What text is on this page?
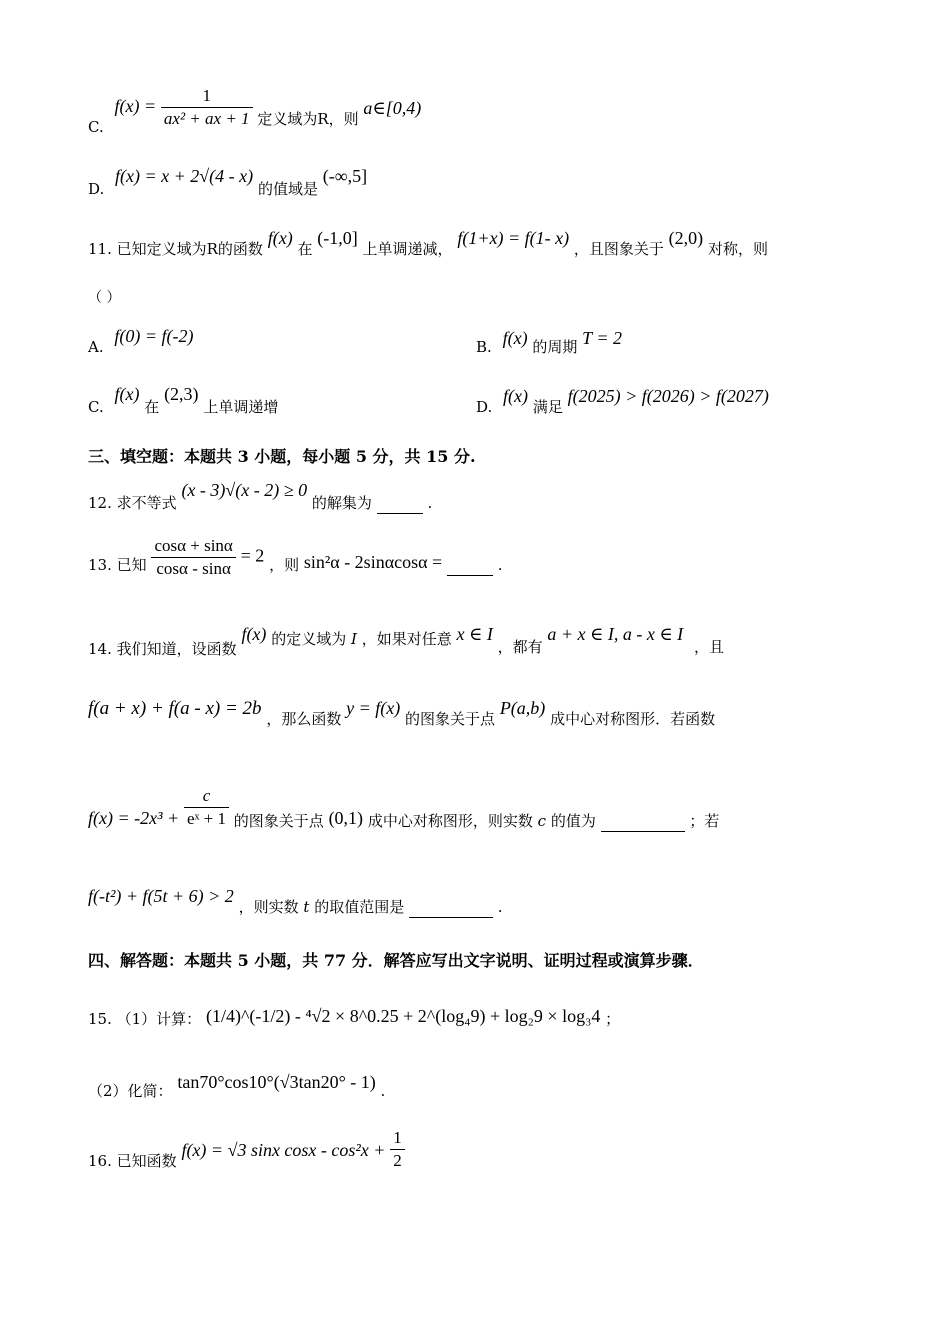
C. $f(x) = \frac{1}{\text{ax² + ax + 1}}$ 定义域为R，则 a∈[0,4)
D. f(x) = x + 2√(4 - x) 的值域是 (-∞,5]
11. 已知定义域为R的函数 f(x) 在 (-1,0] 上单调递减， f(1+x) = f(1- x) ，且图象关于 (2,0) 对称，则
（ ）
A. f(0) = f(-2)
B. f(x) 的周期 T = 2
C. f(x) 在 (2,3) 上单调递增	D. f(x) 满足 f(2025) > f(2026) > f(2027)
三、填空题：本题共 3 小题，每小题 5 分，共 15 分.
12. 求不等式 (x - 3)√(x - 2) ≥ 0 的解集为	.
13. 已知 $\frac{\cos\alpha + \sin\alpha}{\cos\alpha - \sin\alpha} = 2$ ，则 sin²α - 2sinαcosα =	.
14. 我们知道，设函数 f(x) 的定义域为 I ，如果对任意 x ∈ I ，都有 a + x ∈ I, a - x ∈ I ，且
f(a + x) + f(a - x) = 2b ，那么函数 y = f(x) 的图象关于点 P(a,b) 成中心对称图形．若函数
$f(x) = -2x^3 + \frac{c}{\text{eˣ + 1}}$ 的图象关于点 (0,1) 成中心对称图形，则实数 c 的值为	；若
f(-t²) + f(5t + 6) > 2 ，则实数 t 的取值范围是	.
四、解答题：本题共 5 小题，共 77 分．解答应写出文字说明、证明过程或演算步骤．
15. （1）计算： (1/4)^(-1/2) - ⁴√2 × 8^0.25 + 2^(log₄9) + log₂9 × log₃4 ；
（2）化简： tan70°cos10°(√3tan20° - 1) .
16. 已知函数 f(x) = √3 sinx $\cos x - \cos^2x + \frac{1}{2}$
